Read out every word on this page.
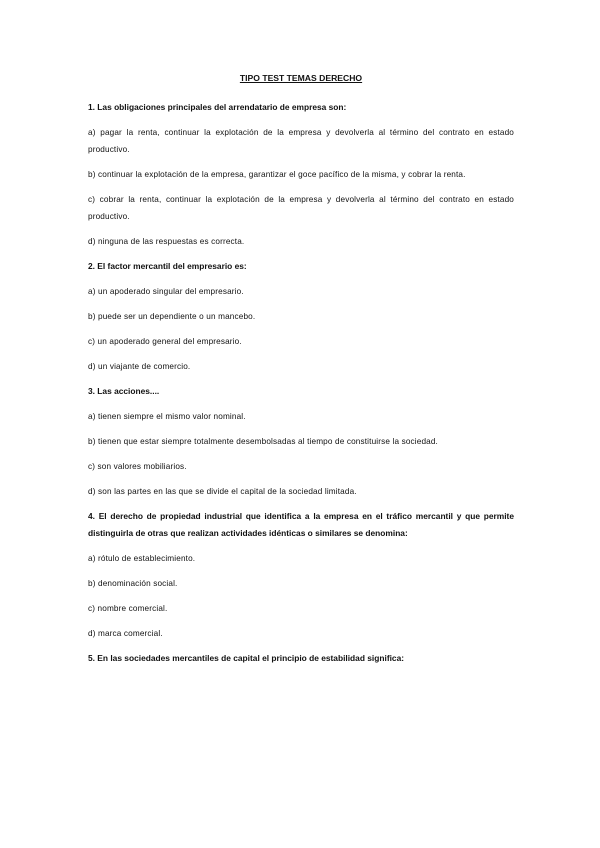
TIPO TEST TEMAS DERECHO

1. Las obligaciones principales del arrendatario de empresa son:

a) pagar la renta, continuar la explotación de la empresa y devolverla al término del contrato en estado productivo.

b) continuar la explotación de la empresa, garantizar el goce pacífico de la misma, y cobrar la renta.

c) cobrar la renta, continuar la explotación de la empresa y devolverla al término del contrato en estado productivo.

d) ninguna de las respuestas es correcta.

2. El factor mercantil del empresario es:

a) un apoderado singular del empresario.

b) puede ser un dependiente o un mancebo.

c) un apoderado general del empresario.

d) un viajante de comercio.

3. Las acciones....

a) tienen siempre el mismo valor nominal.

b) tienen que estar siempre totalmente desembolsadas al tiempo de constituirse la sociedad.

c) son valores mobiliarios.

d) son las partes en las que se divide el capital de la sociedad limitada.

4. El derecho de propiedad industrial que identifica a la empresa en el tráfico mercantil y que permite distinguirla de otras que realizan actividades idénticas o similares se denomina:

a) rótulo de establecimiento.

b) denominación social.

c) nombre comercial.

d) marca comercial.

5. En las sociedades mercantiles de capital el principio de estabilidad significa:
